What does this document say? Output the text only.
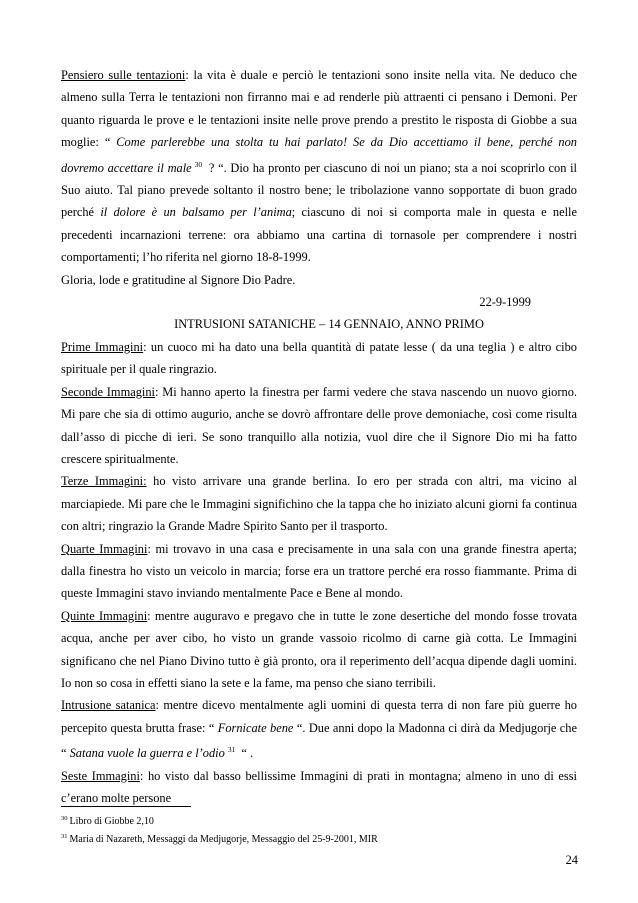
Pensiero sulle tentazioni: la vita è duale e perciò le tentazioni sono insite nella vita. Ne deduco che almeno sulla Terra le tentazioni non firranno mai e ad renderle più attraenti ci pensano i Demoni. Per quanto riguarda le prove e le tentazioni insite nelle prove prendo a prestito le risposta di Giobbe a sua moglie: “ Come parlerebbe una stolta tu hai parlato! Se da Dio accettiamo il bene, perché non dovremo accettare il male $^{30}$ ? “. Dio ha pronto per ciascuno di noi un piano; sta a noi scoprirlo con il Suo aiuto. Tal piano prevede soltanto il nostro bene; le tribolazione vanno sopportate di buon grado perché il dolore è un balsamo per l’anima; ciascuno di noi si comporta male in questa e nelle precedenti incarnazioni terrene: ora abbiamo una cartina di tornasole per comprendere i nostri comportamenti; l’ho riferita nel giorno 18-8-1999.

Gloria, lode e gratitudine al Signore Dio Padre.

22-9-1999

INTRUSIONI SATANICHE – 14 GENNAIO, ANNO PRIMO

Prime Immagini: un cuoco mi ha dato una bella quantità di patate lesse ( da una teglia ) e altro cibo spirituale per il quale ringrazio.

Seconde Immagini: Mi hanno aperto la finestra per farmi vedere che stava nascendo un nuovo giorno. Mi pare che sia di ottimo augurio, anche se dovrò affrontare delle prove demoniache, così come risulta dall’asso di picche di ieri. Se sono tranquillo alla notizia, vuol dire che il Signore Dio mi ha fatto crescere spiritualmente.

Terze Immagini: ho visto arrivare una grande berlina. Io ero per strada con altri, ma vicino al marciapiede. Mi pare che le Immagini significhino che la tappa che ho iniziato alcuni giorni fa continua con altri; ringrazio la Grande Madre Spirito Santo per il trasporto.

Quarte Immagini: mi trovavo in una casa e precisamente in una sala con una grande finestra aperta; dalla finestra ho visto un veicolo in marcia; forse era un trattore perché era rosso fiammante. Prima di queste Immagini stavo inviando mentalmente Pace e Bene al mondo.

Quinte Immagini: mentre auguravo e pregavo che in tutte le zone desertiche del mondo fosse trovata acqua, anche per aver cibo, ho visto un grande vassoio ricolmo di carne già cotta. Le Immagini significano che nel Piano Divino tutto è già pronto, ora il reperimento dell’acqua dipende dagli uomini. Io non so cosa in effetti siano la sete e la fame, ma penso che siano terribili.

Intrusione satanica: mentre dicevo mentalmente agli uomini di questa terra di non fare più guerre ho percepito questa brutta frase: “ Fornicate bene “. Due anni dopo la Madonna ci dirà da Medjugorje che “ Satana vuole la guerra e l’odio $^{31}$ “ .

Seste Immagini: ho visto dal basso bellissime Immagini di prati in montagna; almeno in uno di essi c’erano molte persone

$^{30}$ Libro di Giobbe 2,10
$^{31}$ Maria di Nazareth, Messaggi da Medjugorje, Messaggio del 25-9-2001, MIR
24
